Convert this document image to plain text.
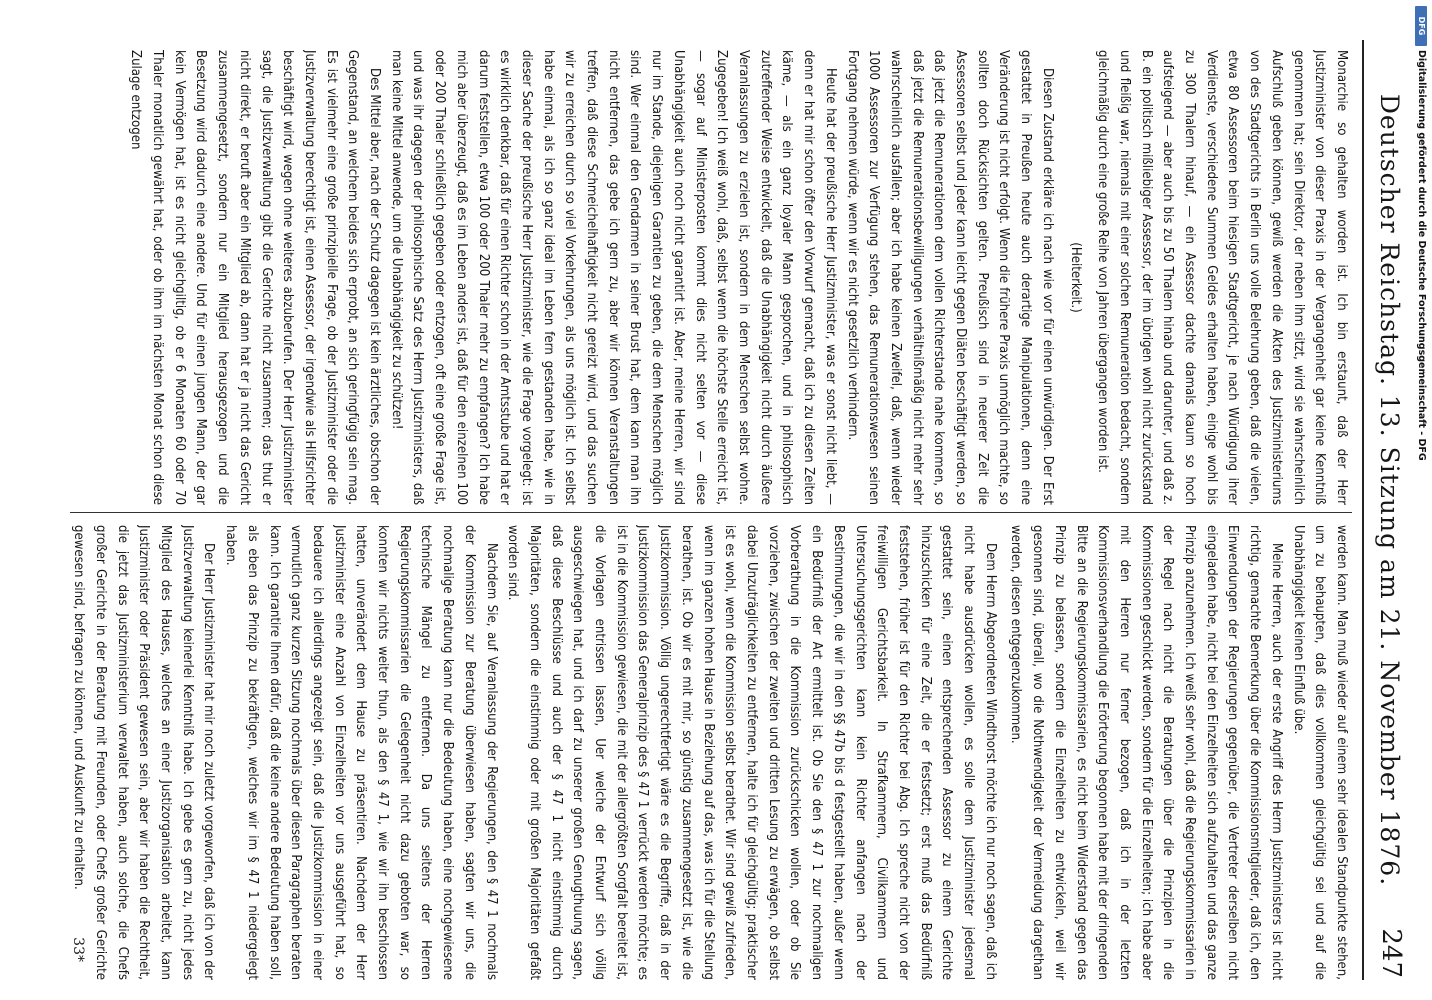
Deutscher Reichstag. 13. Sitzung am 21. November 1876.
247

Monarchie so gehalten worden ist. Ich bin erstaunt, daß der Herr Justizminister von dieser Praxis in der Vergangenheit gar keine Kenntniß genommen hat; sein Direktor, der neben ihm sitzt, wird sie wahrscheinlich Aufschluß geben können, gewiß werden die Akten des Justizministeriums von des Stadtgerichts in Berlin uns volle Belehrung geben, daß die vielen, etwa 80 Assessoren beim hiesigen Stadtgericht, je nach Würdigung ihrer Verdienste, verschiedene Summen Geldes erhalten haben, einige wohl bis zu 300 Thalern hinauf, — ein Assessor dachte damals kaum so hoch aufsteigend — aber auch bis zu 50 Thalern hinab und darunter, und daß z. B. ein politisch mißliebiger Assessor, der im übrigen wohl nicht zurückstand und fleißig war, niemals mit einer solchen Remuneration bedacht, sondern gleichmäßig durch eine große Reihe von Jahren übergangen worden ist.

(Heiterkeit.)

Diesen Zustand erkläre ich nach wie vor für einen unwürdigen. Der Erst gestattet in Preußen heute auch derartige Manipulationen, denn eine Veränderung ist nicht erfolgt. Wenn die frühere Praxis unmöglich machte, so sollten doch Rücksichten gelten. Preußisch sind in neuerer Zeit die Assessoren selbst und jeder kann leicht gegen Diäten beschäftigt werden, so daß jetzt die Remunerationen dem vollen Richterstande nahe kommen, so daß jetzt die Remunerationsbewilligungen verhältnißmäßig nicht mehr sehr wahrscheinlich ausfallen; aber ich habe keinen Zweifel, daß, wenn wieder 1000 Assessoren zur Verfügung stehen, das Remunerationswesen seinen Fortgang nehmen würde, wenn wir es nicht gesetzlich verhindern.

Heute hat der preußische Herr Justizminister, was er sonst nicht liebt, — denn er hat mir schon öfter den Vorwurf gemacht, daß ich zu diesen Zeiten käme, — als ein ganz loyaler Mann gesprochen, und in philosophisch zutreffender Weise entwickelt, daß die Unabhängigkeit nicht durch äußere Veranlassungen zu erzielen ist, sondern in dem Menschen selbst wohne. Zugegeben! Ich weiß wohl, daß, selbst wenn die höchste Stelle erreicht ist, — sogar auf Ministerposten kommt dies nicht selten vor — diese Unabhängigkeit auch noch nicht garantirt ist. Aber, meine Herren, wir sind nur im Stande, diejenigen Garantien zu geben, die dem Menschen möglich sind. Wer einmal den Gendarmen in seiner Brust hat, dem kann man ihn nicht entfernen, das gebe ich gern zu, aber wir können Veranstaltungen treffen, daß diese Schmeichelhaftigkeit nicht gereizt wird, und das suchen wir zu erreichen durch so viel Vorkehrungen, als uns möglich ist. Ich selbst habe einmal, als ich so ganz ideal im Leben fern gestanden habe, wie in dieser Sache der preußische Herr Justizminister, wie die Frage vorgelegt: ist es wirklich denkbar, daß für einen Richter schon in der Amtsstube und hat er darum feststellen, etwa 100 oder 200 Thaler mehr zu empfangen? Ich habe mich aber überzeugt, daß es im Leben anders ist, daß für den einzelnen 100 oder 200 Thaler schließlich gegeben oder entzogen, oft eine große Frage ist, und was ihr dagegen der philosophische Satz des Herrn Justizministers, daß man keine Mittel anwende, um die Unabhängigkeit zu schützen!

Des Mittel aber, nach der Schutz dagegen ist kein ärztliches, obschon der Gegenstand, an welchem beides sich erprobt, an sich geringfügig sein mag. Es ist vielmehr eine große prinzipielle Frage, ob der Justizminister oder die Justizverwaltung berechtigt ist, einen Assessor, der irgendwie als Hilfsrichter beschäftigt wird, wegen ohne weiteres abzuberufen. Der Herr Justizminister sagt, die Justizverwaltung gibt die Gerichte nicht zusammen; das thut er nicht direkt, er beruft aber ein Mitglied ab, dann hat er ja nicht das Gericht zusammengesetzt, sondern nur ein Mitglied herausgezogen und die Besetzung wird dadurch eine andere. Und für einen jungen Mann, der gar kein Vermögen hat, ist es nicht gleichgiltig, ob er 6 Monaten 60 oder 70 Thaler monatlich gewährt hat, oder ob ihm im nächsten Monat schon diese Zulage entzogen

werden kann. Man muß wieder auf einem sehr idealen Standpunkte stehen, um zu behaupten, daß dies vollkommen gleichgültig sei und auf die Unabhängigkeit keinen Einfluß übe.

Meine Herren, auch der erste Angriff des Herrn Justizministers ist nicht richtig, gemachte Bemerkung über die Kommissionsmitglieder, daß ich, den Einwendungen der Regierungen gegenüber, die Vertreter derselben nicht eingeladen habe, nicht bei den Einzelheiten sich aufzuhalten und das ganze Prinzip anzunehmen. Ich weiß sehr wohl, daß die Regierungskommissarien in der Regel nach nicht die Beratungen über die Prinzipien in die Kommissionen geschickt werden, sondern für die Einzelheiten; ich habe aber mit den Herren nur ferner bezogen, daß ich in der letzten Kommissionsverhandlung die Erörterung begonnen habe mit der dringenden Bitte an die Regierungskommissarien, es nicht beim Widerstand gegen das Prinzip zu belassen, sondern die Einzelheiten zu entwickeln, weil wir gesonnen sind, überall, wo die Nothwendigkeit der Vermeidung dargethan werden, diesen entgegenzukommen.

Dem Herrn Abgeordneten Windthorst möchte ich nur noch sagen, daß ich nicht habe ausdrücken wollen, es solle dem Justizminister jedesmal gestattet sein, einen entsprechenden Assessor zu einem Gerichte hinzuschicken für eine Zeit, die er festsetzt; erst muß das Bedürfniß feststehen, früher ist für den Richter bei Abg. Ich spreche nicht von der freiwilligen Gerichtsbarkeit. In Strafkammern, Civilkammern und Untersuchungsgerichten kann kein Richter anfangen nach der Bestimmungen, die wir in den §§ 47b bis d festgestellt haben, außer wenn ein Bedürfniß der Art ermittelt ist. Ob Sie den § 47 1 zur nochmaligen Vorberathung in die Kommission zurückschicken wollen, oder ob Sie vorziehen, zwischen der zweiten und dritten Lesung zu erwägen, ob selbst dabei Unzuträglichkeiten zu entfernen, halte ich für gleichgültig; praktischer ist es wohl, wenn die Kommission selbst berathet. Wir sind gewiß zufrieden, wenn im ganzen hohen Hause in Beziehung auf das, was ich für die Stellung berathen, ist. Ob wir es mit mir, so günstig zusammengesetzt ist, wie die Justizkommission. Völlig ungerechtfertigt wäre es die Begriffe, daß in der Justizkommission das Generalprinzip des § 47 1 verrückt werden möchte; es ist in die Kommission gewiesen, die mit der allergrößten Sorgfalt bereitet ist, die Vorlagen entrissen lassen, Uer welche der Entwurf sich völlig ausgeschwiegen hat, und ich darf zu unserer großen Genugthuung sagen, daß diese Beschlüsse und auch der § 47 1 nicht einstimmig durch Majoritäten, sondern die einstimmig oder mit großen Majoritäten gefaßt worden sind.

Nachdem Sie, auf Veranlassung der Regierungen, den § 47 1 nochmals der Kommission zur Beratung überwiesen haben, sagten wir uns, die nochmalige Beratung kann nur die Bedeutung haben, eine nochgewiesene technische Mängel zu entfernen. Da uns seitens der Herren Regierungskommissarien die Gelegenheit nicht dazu geboten war, so konnten wir nichts weiter thun, als den § 47 1, wie wir ihn beschlossen hatten, unverändert dem Hause zu präsentiren. Nachdem der Herr Justizminister eine Anzahl von Einzelheiten vor uns ausgeführt hat, so bedauere ich allerdings angezeigt sein, daß die Justizkommission in einer vermutlich ganz kurzen Sitzung nochmals über diesen Paragraphen beraten kann. Ich garantire Ihnen dafür, daß die keine andere Bedeutung haben soll, als eben das Prinzip zu bekräftigen, welches wir im § 47 1 niedergelegt haben.

Der Herr Justizminister hat mir noch zuletzt vorgeworfen, daß ich von der Justizverwaltung keinerlei Kenntniß habe. Ich gebe es gern zu, nicht jedes Mitglied des Hauses, welches an einer Justizorganisation arbeitet, kann Justizminister oder Präsident gewesen sein, aber wir haben die Rechtheit, die jetzt das Justizministerium verwaltet haben, auch solche, die Chefs großer Gerichte in der Beratung mit Freunden, oder Chefs großer Gerichte gewesen sind, befragen zu können, und Auskunft zu erhalten.

33*
DFG
Digitalisierung gefördert durch die Deutsche Forschungsgemeinschaft - DFG
